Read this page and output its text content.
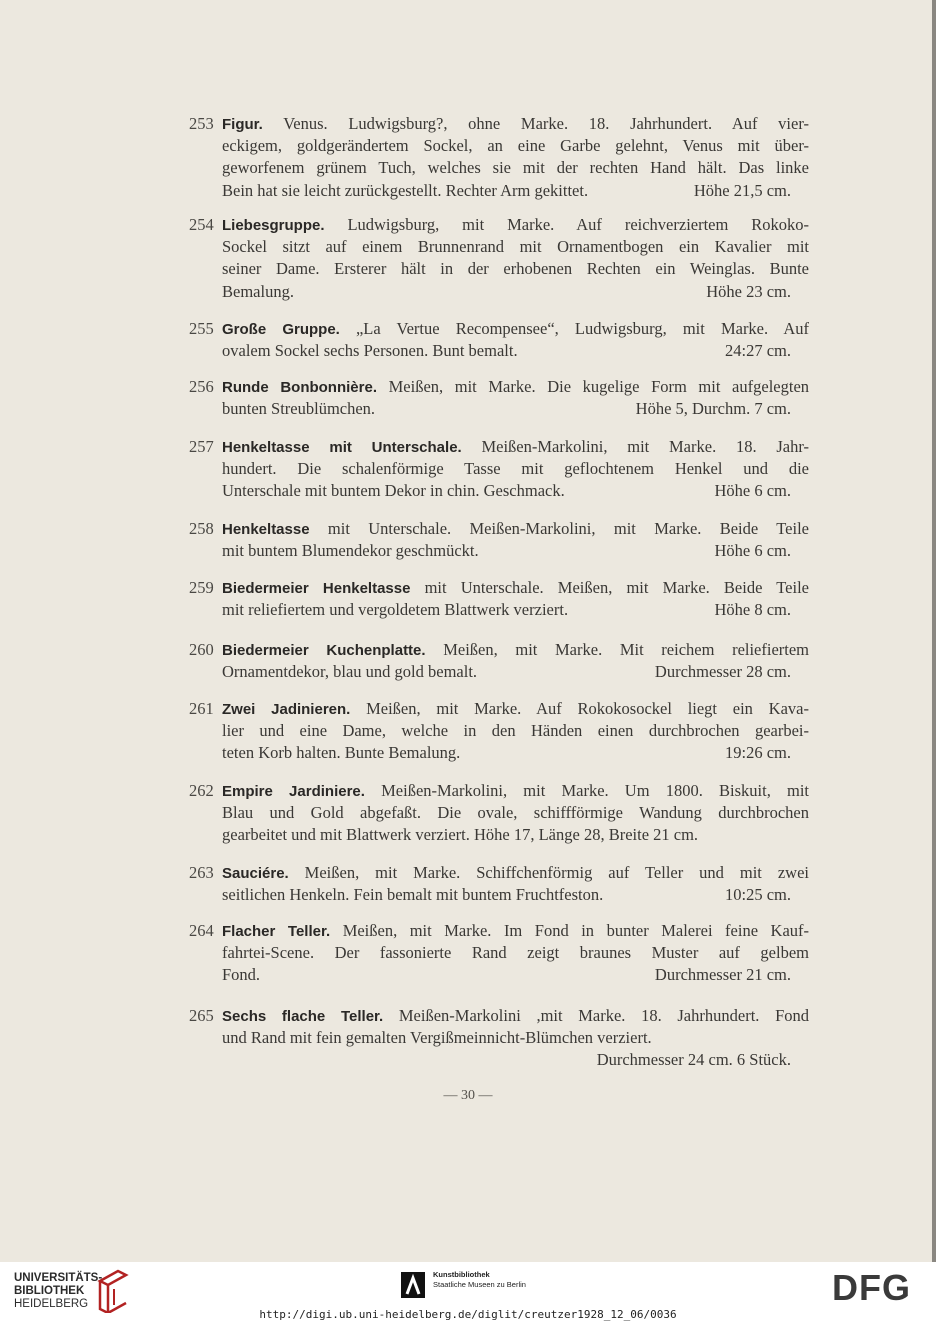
253 Figur. Venus. Ludwigsburg?, ohne Marke. 18. Jahrhundert. Auf vier-
eckigem, goldgerändertem Sockel, an eine Garbe gelehnt, Venus mit über-
geworfenem grünem Tuch, welches sie mit der rechten Hand hält. Das linke
Bein hat sie leicht zurückgestellt. Rechter Arm gekittet.	Höhe 21,5 cm.
254 Liebesgruppe. Ludwigsburg, mit Marke. Auf reichverziertem Rokoko-
Sockel sitzt auf einem Brunnenrand mit Ornamentbogen ein Kavalier mit
seiner Dame. Ersterer hält in der erhobenen Rechten ein Weinglas. Bunte
Bemalung.	Höhe 23 cm.
255 Große Gruppe. „La Vertue Recompensee“, Ludwigsburg, mit Marke. Auf
ovalem Sockel sechs Personen. Bunt bemalt.	24:27 cm.
256 Runde Bonbonnière. Meißen, mit Marke. Die kugelige Form mit aufgelegten
bunten Streublümchen.	Höhe 5, Durchm. 7 cm.
257 Henkeltasse mit Unterschale. Meißen-Markolini, mit Marke. 18. Jahr-
hundert. Die schalenförmige Tasse mit geflochtenem Henkel und die
Unterschale mit buntem Dekor in chin. Geschmack.	Höhe 6 cm.
258 Henkeltasse mit Unterschale. Meißen-Markolini, mit Marke. Beide Teile
mit buntem Blumendekor geschmückt.	Höhe 6 cm.
259 Biedermeier Henkeltasse mit Unterschale. Meißen, mit Marke. Beide Teile
mit reliefiertem und vergoldetem Blattwerk verziert.	Höhe 8 cm.
260 Biedermeier Kuchenplatte. Meißen, mit Marke. Mit reichem reliefiertem
Ornamentdekor, blau und gold bemalt.	Durchmesser 28 cm.
261 Zwei Jadinieren. Meißen, mit Marke. Auf Rokokosockel liegt ein Kava-
lier und eine Dame, welche in den Händen einen durchbrochen gearbei-
teten Korb halten. Bunte Bemalung.	19:26 cm.
262 Empire Jardiniere. Meißen-Markolini, mit Marke. Um 1800. Biskuit, mit
Blau und Gold abgefaßt. Die ovale, schiffförmige Wandung durchbrochen
gearbeitet und mit Blattwerk verziert. Höhe 17, Länge 28, Breite 21 cm.
263 Sauciére. Meißen, mit Marke. Schiffchenförmig auf Teller und mit zwei
seitlichen Henkeln. Fein bemalt mit buntem Fruchtfeston.	10:25 cm.
264 Flacher Teller. Meißen, mit Marke. Im Fond in bunter Malerei feine Kauf-
fahrtei-Scene. Der fassonierte Rand zeigt braunes Muster auf gelbem
Fond.	Durchmesser 21 cm.
265 Sechs flache Teller. Meißen-Markolini ,mit Marke. 18. Jahrhundert. Fond
und Rand mit fein gemalten Vergißmeinnicht-Blümchen verziert.
Durchmesser 24 cm. 6 Stück.
— 30 —
UNIVERSITÄTS-
BIBLIOTHEK
HEIDELBERG
Kunstbibliothek
Staatliche Museen zu Berlin	DFG
http://digi.ub.uni-heidelberg.de/diglit/creutzer1928_12_06/0036
